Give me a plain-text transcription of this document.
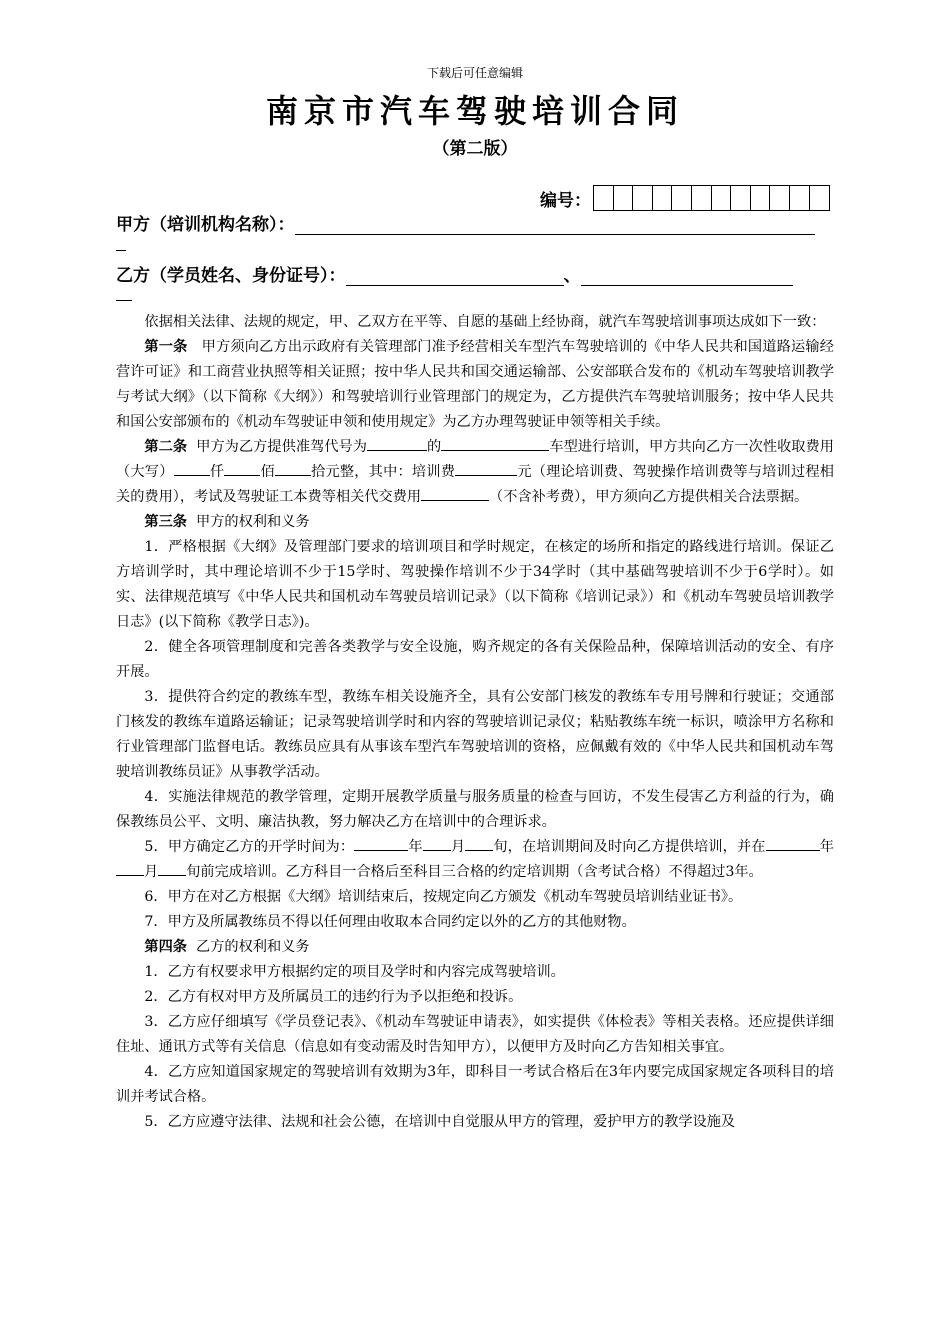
下载后可任意编辑
南京市汽车驾驶培训合同
（第二版）
编号：
甲方（培训机构名称）：
乙方（学员姓名、身份证号）：	、

依据相关法律、法规的规定，甲、乙双方在平等、自愿的基础上经协商，就汽车驾驶培训事项达成如下一致：

第一条 甲方须向乙方出示政府有关管理部门准予经营相关车型汽车驾驶培训的《中华人民共和国道路运输经营许可证》和工商营业执照等相关证照；按中华人民共和国交通运输部、公安部联合发布的《机动车驾驶培训教学与考试大纲》（以下简称《大纲》）和驾驶培训行业管理部门的规定为，乙方提供汽车驾驶培训服务；按中华人民共和国公安部颁布的《机动车驾驶证申领和使用规定》为乙方办理驾驶证申领等相关手续。

第二条 甲方为乙方提供准驾代号为	的	车型进行培训，甲方共向乙方一次性收取费用（大写）	仟	佰	拾元整，其中：培训费	元（理论培训费、驾驶操作培训费等与培训过程相关的费用），考试及驾驶证工本费等相关代交费用	（不含补考费），甲方须向乙方提供相关合法票据。

第三条 甲方的权利和义务

1．严格根据《大纲》及管理部门要求的培训项目和学时规定，在核定的场所和指定的路线进行培训。保证乙方培训学时，其中理论培训不少于15学时、驾驶操作培训不少于34学时（其中基础驾驶培训不少于6学时）。如实、法律规范填写《中华人民共和国机动车驾驶员培训记录》（以下简称《培训记录》）和《机动车驾驶员培训教学日志》(以下简称《教学日志》)。

2．健全各项管理制度和完善各类教学与安全设施，购齐规定的各有关保险品种，保障培训活动的安全、有序开展。

3．提供符合约定的教练车型，教练车相关设施齐全，具有公安部门核发的教练车专用号牌和行驶证；交通部门核发的教练车道路运输证；记录驾驶培训学时和内容的驾驶培训记录仪；粘贴教练车统一标识，喷涂甲方名称和行业管理部门监督电话。教练员应具有从事该车型汽车驾驶培训的资格，应佩戴有效的《中华人民共和国机动车驾驶培训教练员证》从事教学活动。

4．实施法律规范的教学管理，定期开展教学质量与服务质量的检查与回访，不发生侵害乙方利益的行为，确保教练员公平、文明、廉洁执教，努力解决乙方在培训中的合理诉求。

5．甲方确定乙方的开学时间为：	年 月 旬，在培训期间及时向乙方提供培训，并在	年月 旬前完成培训。乙方科目一合格后至科目三合格的约定培训期（含考试合格）不得超过3年。

6．甲方在对乙方根据《大纲》培训结束后，按规定向乙方颁发《机动车驾驶员培训结业证书》。

7．甲方及所属教练员不得以任何理由收取本合同约定以外的乙方的其他财物。

第四条 乙方的权利和义务

1．乙方有权要求甲方根据约定的项目及学时和内容完成驾驶培训。

2．乙方有权对甲方及所属员工的违约行为予以拒绝和投诉。

3．乙方应仔细填写《学员登记表》、《机动车驾驶证申请表》，如实提供《体检表》等相关表格。还应提供详细住址、通讯方式等有关信息（信息如有变动需及时告知甲方），以便甲方及时向乙方告知相关事宜。

4．乙方应知道国家规定的驾驶培训有效期为3年，即科目一考试合格后在3年内要完成国家规定各项科目的培训并考试合格。

5．乙方应遵守法律、法规和社会公德，在培训中自觉服从甲方的管理，爱护甲方的教学设施及
